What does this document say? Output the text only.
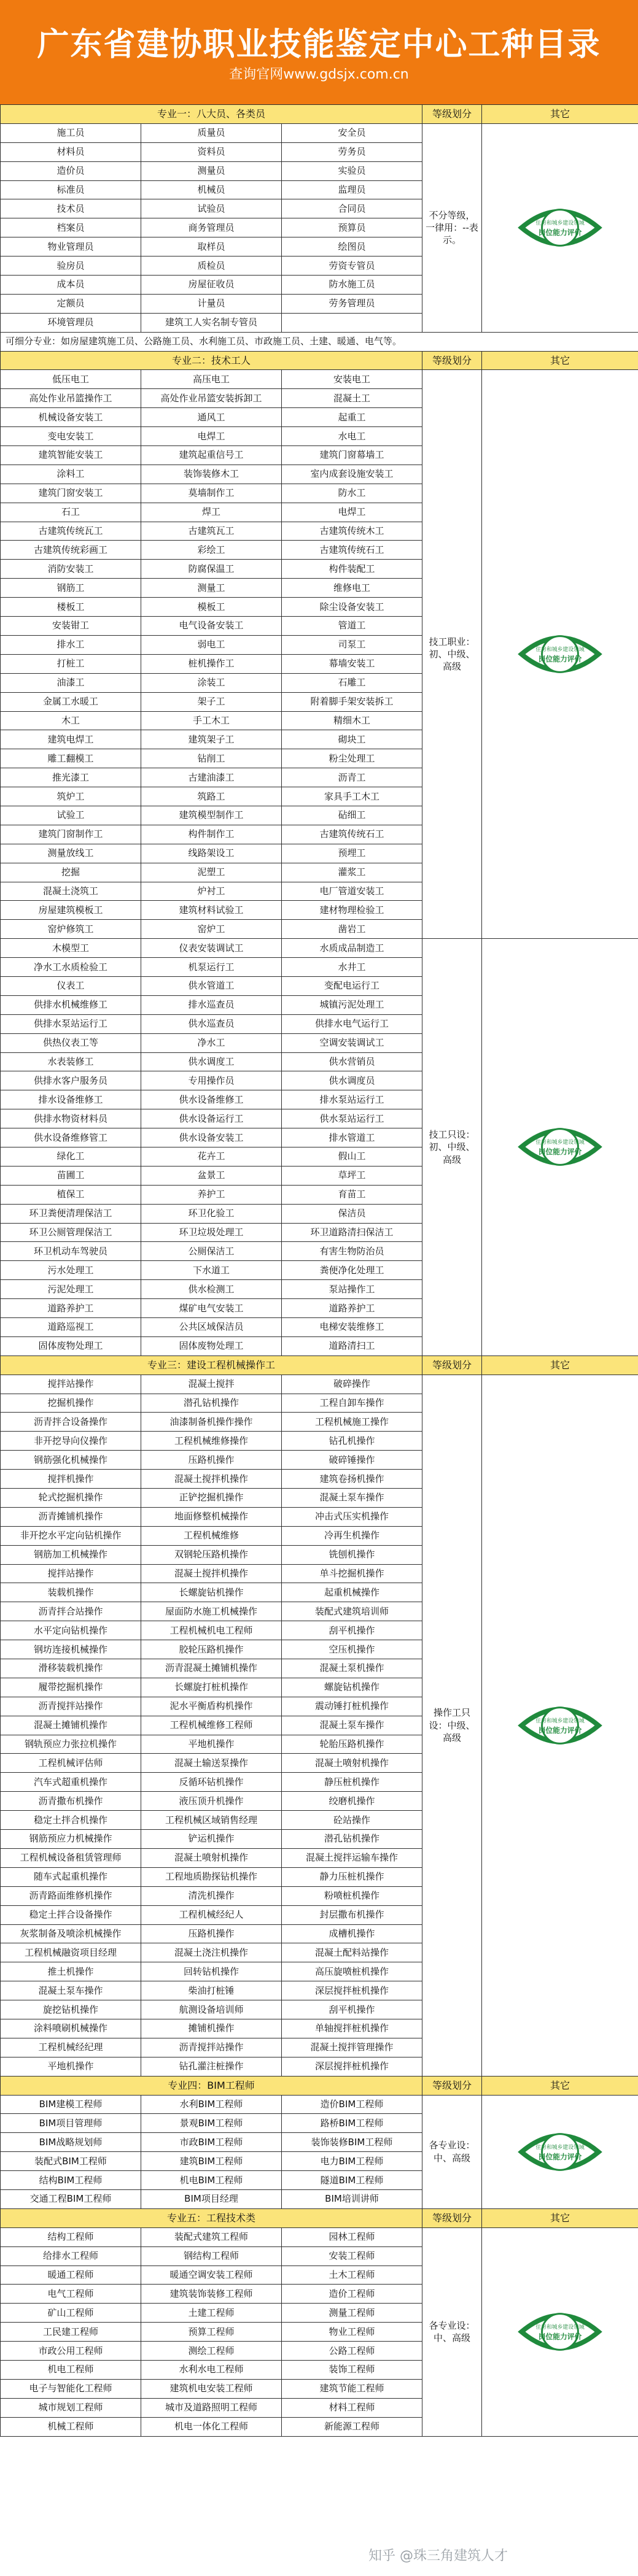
广东省建协职业技能鉴定中心工种目录
查询官网www.gdsjx.com.cn
专业一：八大员、各类员			等级划分	其它
施工员	质量员	安全员	不分等级，一律用：--表示。	住房和城乡建设领域
岗位能力评价

材料员	资料员	劳务员		
造价员	测量员	实验员		
标准员	机械员	监理员		
技术员	试验员	合同员		
档案员	商务管理员	预算员		
物业管理员	取样员	绘图员		
验房员	质检员	劳资专管员		
成本员	房屋征收员	防水施工员		
定额员	计量员	劳务管理员		
环境管理员	建筑工人实名制专管员			
可细分专业：如房屋建筑施工员、公路施工员、水利施工员、市政施工员、土建、暖通、电气等。				
专业二：技术工人			等级划分	其它
低压电工	高压电工	安装电工	技工职业：初、中级、高级	住房和城乡建设领域
岗位能力评价

高处作业吊篮操作工	高处作业吊篮安装拆卸工	混凝土工		
机械设备安装工	通风工	起重工		
变电安装工	电焊工	水电工		
建筑智能安装工	建筑起重信号工	建筑门窗幕墙工		
涂料工	装饰装修木工	室内成套设施安装工		
建筑门窗安装工	莫墙制作工	防水工		
石工	焊工	电焊工		
古建筑传统瓦工	古建筑瓦工	古建筑传统木工		
古建筑传统彩画工	彩绘工	古建筑传统石工		
消防安装工	防腐保温工	构件装配工		
钢筋工	测量工	维修电工		
楼板工	模板工	除尘设备安装工		
安装钳工	电气设备安装工	管道工		
排水工	弱电工	司泵工		
打桩工	桩机操作工	幕墙安装工		
油漆工	涂装工	石雕工		
金属工水暖工	架子工	附着脚手架安装拆工		
木工	手工木工	精细木工		
建筑电焊工	建筑架子工	砌块工		
雕工翻模工	钻削工	粉尘处理工		
推光漆工	古建油漆工	沥青工		
筑炉工	筑路工	家具手工木工		
试验工	建筑模型制作工	砧细工		
建筑门窗制作工	构件制作工	古建筑传统石工		
测量放线工	线路架设工	预埋工		
挖掘	泥塑工	灌浆工		
混凝土浇筑工	炉衬工	电厂管道安装工		
房屋建筑模板工	建筑材料试验工	建材物理检验工		
窑炉修筑工	窑炉工	凿岩工		
木模型工	仪表安装调试工	水质成品制造工	技工只设：初、中级、高级	住房和城乡建设领域
岗位能力评价

净水工水质检验工	机泵运行工	水井工		
仪表工	供水管道工	变配电运行工		
供排水机械维修工	排水巡查员	城镇污泥处理工		
供排水泵站运行工	供水巡查员	供排水电气运行工		
供热仪表工等	净水工	空调安装调试工		
水表装修工	供水调度工	供水营销员		
供排水客户服务员	专用操作员	供水调度员		
排水设备维修工	供水设备维修工	排水泵站运行工		
供排水物资材料员	供水设备运行工	供水泵站运行工		
供水设备维修管工	供水设备安装工	排水管道工		
绿化工	花卉工	假山工		
苗圃工	盆景工	草坪工		
植保工	养护工	育苗工		
环卫粪便清理保洁工	环卫化验工	保洁员		
环卫公厕管理保洁工	环卫垃圾处理工	环卫道路清扫保洁工		
环卫机动车驾驶员	公厕保洁工	有害生物防治员		
污水处理工	下水道工	粪便净化处理工		
污泥处理工	供水检测工	泵站操作工		
道路养护工	煤矿电气安装工	道路养护工		
道路巡视工	公共区域保洁员	电梯安装维修工		
固体废物处理工	固体废物处理工	道路清扫工		
专业三：建设工程机械操作工			等级划分	其它
搅拌站操作	混凝土搅拌	破碎操作	操作工只设：中级、高级	住房和城乡建设领域
岗位能力评价

挖掘机操作	潜孔钻机操作	工程自卸车操作		
沥青拌合设备操作	油漆制备机操作操作	工程机械施工操作		
非开挖导向仪操作	工程机械维修操作	钻孔机操作		
钢筋强化机械操作	压路机操作	破碎锤操作		
搅拌机操作	混凝土搅拌机操作	建筑卷扬机操作		
轮式挖掘机操作	正铲挖掘机操作	混凝土泵车操作		
沥青摊铺机操作	地面修整机械操作	冲击式压实机操作		
非开挖水平定向钻机操作	工程机械维修	冷再生机操作		
钢筋加工机械操作	双钢轮压路机操作	铣刨机操作		
搅拌站操作	混凝土搅拌机操作	单斗挖掘机操作		
装载机操作	长螺旋钻机操作	起重机械操作		
沥青拌合站操作	屋面防水施工机械操作	装配式建筑培训师		
水平定向钻机操作	工程机械机电工程师	刮平机操作		
钢坊连接机械操作	胶轮压路机操作	空压机操作		
滑移装载机操作	沥青混凝土摊铺机操作	混凝土泵机操作		
履带挖掘机操作	长螺旋打桩机操作	螺旋钻机操作		
沥青搅拌站操作	泥水平衡盾构机操作	震动锤打桩机操作		
混凝土摊铺机操作	工程机械维修工程师	混凝土泵车操作		
钢轨预应力张拉机操作	平地机操作	轮胎压路机操作		
工程机械评估师	混凝土输送泵操作	混凝土喷射机操作		
汽车式超重机操作	反循环钻机操作	静压桩机操作		
沥青撒布机操作	液压顶升机操作	绞磨机操作		
稳定土拌合机操作	工程机械区域销售经理	砼站操作		
钢筋预应力机械操作	铲运机操作	潜孔钻机操作		
工程机械设备租赁管理师	混凝土喷射机操作	混凝土搅拌运输车操作		
随车式起重机操作	工程地质勘探钻机操作	静力压桩机操作		
沥青路面维修机操作	清洗机操作	粉喷桩机操作		
稳定土拌合设备操作	工程机械经纪人	封层撒布机操作		
灰浆制备及喷涂机械操作	压路机操作	成槽机操作		
工程机械融资项目经理	混凝土浇注机操作	混凝土配料站操作		
推土机操作	回转钻机操作	高压旋喷桩机操作		
混凝土泵车操作	柴油打桩锤	深层搅拌桩机操作		
旋挖钻机操作	航测设备培训师	刮平机操作		
涂料喷刷机械操作	摊铺机操作	单轴搅拌桩机操作		
工程机械经纪理	沥青搅拌站操作	混凝土搅拌管理操作		
平地机操作	钻孔灌注桩操作	深层搅拌桩机操作		
专业四：BIM工程师			等级划分	其它
BIM建模工程师	水利BIM工程师	造价BIM工程师	各专业设：中、高级	住房和城乡建设领域
岗位能力评价

BIM项目管理师	景观BIM工程师	路桥BIM工程师		
BIM战略规划师	市政BIM工程师	装饰装修BIM工程师		
装配式BIM工程师	建筑BIM工程师	电力BIM工程师		
结构BIM工程师	机电BIM工程师	隧道BIM工程师		
交通工程BIM工程师	BIM项目经理	BIM培训讲师		
专业五：工程技术类			等级划分	其它
结构工程师	装配式建筑工程师	园林工程师	各专业设：中、高级	住房和城乡建设领域
岗位能力评价

给排水工程师	钢结构工程师	安装工程师		
暖通工程师	暖通空调安装工程师	土木工程师		
电气工程师	建筑装饰装修工程师	造价工程师		
矿山工程师	土建工程师	测量工程师		
工民建工程师	预算工程师	物业工程师		
市政公用工程师	测绘工程师	公路工程师		
机电工程师	水利水电工程师	装饰工程师		
电子与智能化工程师	建筑机电安装工程师	建筑节能工程师		
城市规划工程师	城市及道路照明工程师	材料工程师		
机械工程师	机电一体化工程师	新能源工程师		
知乎 @珠三角建筑人才
